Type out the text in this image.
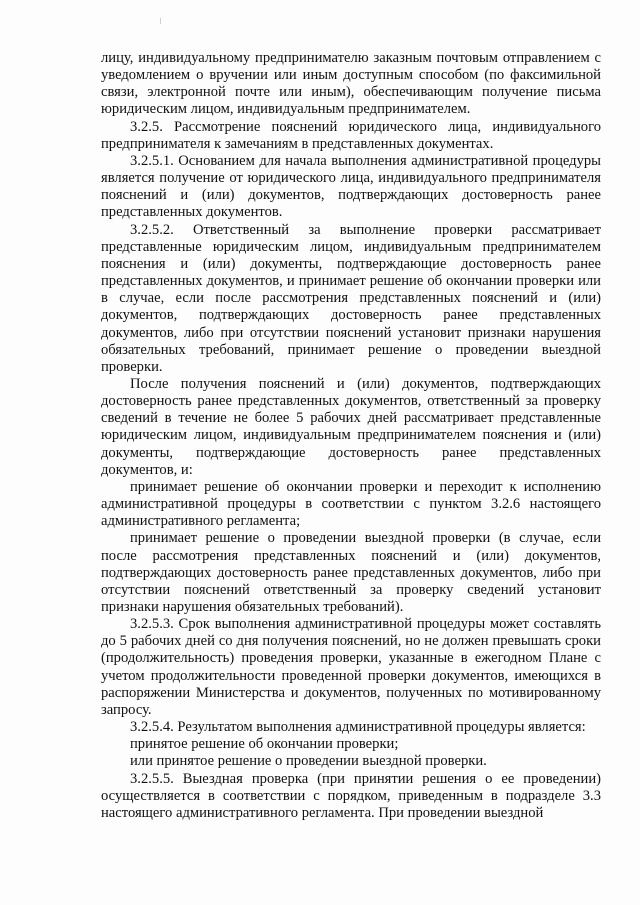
лицу, индивидуальному предпринимателю заказным почтовым отправлением с уведомлением о вручении или иным доступным способом (по факсимильной связи, электронной почте или иным), обеспечивающим получение письма юридическим лицом, индивидуальным предпринимателем.

3.2.5. Рассмотрение пояснений юридического лица, индивидуального предпринимателя к замечаниям в представленных документах.

3.2.5.1. Основанием для начала выполнения административной процедуры является получение от юридического лица, индивидуального предпринимателя пояснений и (или) документов, подтверждающих достоверность ранее представленных документов.

3.2.5.2. Ответственный за выполнение проверки рассматривает представленные юридическим лицом, индивидуальным предпринимателем пояснения и (или) документы, подтверждающие достоверность ранее представленных документов, и принимает решение об окончании проверки или в случае, если после рассмотрения представленных пояснений и (или) документов, подтверждающих достоверность ранее представленных документов, либо при отсутствии пояснений установит признаки нарушения обязательных требований, принимает решение о проведении выездной проверки.

После получения пояснений и (или) документов, подтверждающих достоверность ранее представленных документов, ответственный за проверку сведений в течение не более 5 рабочих дней рассматривает представленные юридическим лицом, индивидуальным предпринимателем пояснения и (или) документы, подтверждающие достоверность ранее представленных документов, и:

принимает решение об окончании проверки и переходит к исполнению административной процедуры в соответствии с пунктом 3.2.6 настоящего административного регламента;

принимает решение о проведении выездной проверки (в случае, если после рассмотрения представленных пояснений и (или) документов, подтверждающих достоверность ранее представленных документов, либо при отсутствии пояснений ответственный за проверку сведений установит признаки нарушения обязательных требований).

3.2.5.3. Срок выполнения административной процедуры может составлять до 5 рабочих дней со дня получения пояснений, но не должен превышать сроки (продолжительность) проведения проверки, указанные в ежегодном Плане с учетом продолжительности проведенной проверки документов, имеющихся в распоряжении Министерства и документов, полученных по мотивированному запросу.

3.2.5.4. Результатом выполнения административной процедуры является:

принятое решение об окончании проверки;

или принятое решение о проведении выездной проверки.

3.2.5.5. Выездная проверка (при принятии решения о ее проведении) осуществляется в соответствии с порядком, приведенным в подразделе 3.3 настоящего административного регламента. При проведении выездной
